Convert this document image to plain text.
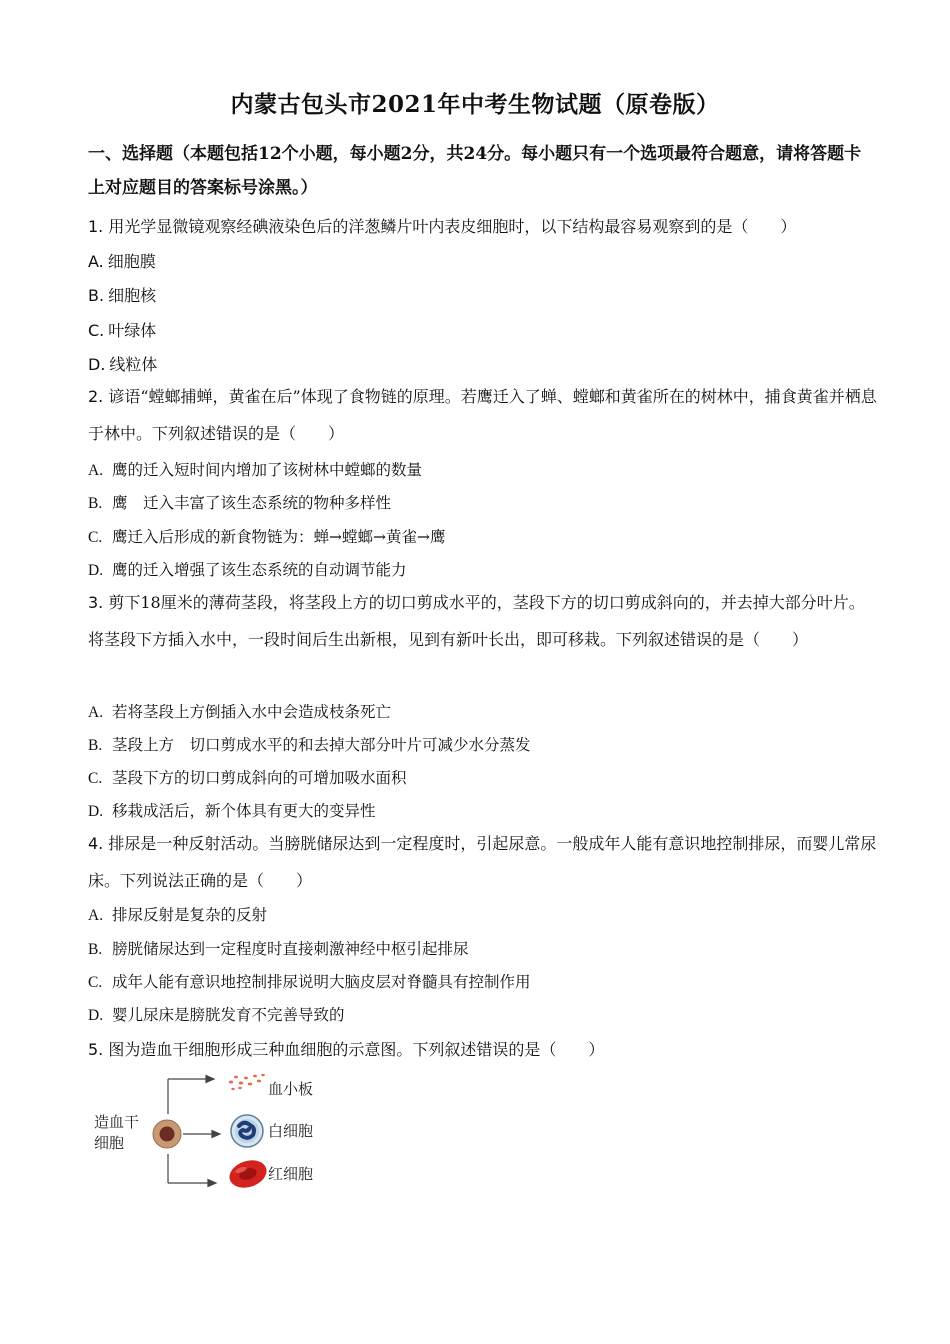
内蒙古包头市2021年中考生物试题（原卷版）
一、选择题（本题包括12个小题，每小题2分，共24分。每小题只有一个选项最符合题意，请将答题卡上对应题目的答案标号涂黑。）
1. 用光学显微镜观察经碘液染色后的洋葱鳞片叶内表皮细胞时，以下结构最容易观察到的是（　　）
A. 细胞膜
B. 细胞核
C. 叶绿体
D. 线粒体
2. 谚语“螳螂捕蝉，黄雀在后”体现了食物链的原理。若鹰迁入了蝉、螳螂和黄雀所在的树林中，捕食黄雀并栖息于林中。下列叙述错误的是（　　）
A. 鹰的迁入短时间内增加了该树林中螳螂的数量
B. 鹰　迁入丰富了该生态系统的物种多样性
C. 鹰迁入后形成的新食物链为：蝉→螳螂→黄雀→鹰
D. 鹰的迁入增强了该生态系统的自动调节能力
3. 剪下18厘米的薄荷茎段，将茎段上方的切口剪成水平的，茎段下方的切口剪成斜向的，并去掉大部分叶片。将茎段下方插入水中，一段时间后生出新根，见到有新叶长出，即可移栽。下列叙述错误的是（　　）
A. 若将茎段上方倒插入水中会造成枝条死亡
B. 茎段上方　切口剪成水平的和去掉大部分叶片可减少水分蒸发
C. 茎段下方的切口剪成斜向的可增加吸水面积
D. 移栽成活后，新个体具有更大的变异性
4. 排尿是一种反射活动。当膀胱储尿达到一定程度时，引起尿意。一般成年人能有意识地控制排尿，而婴儿常尿床。下列说法正确的是（　　）
A. 排尿反射是复杂的反射
B. 膀胱储尿达到一定程度时直接刺激神经中枢引起排尿
C. 成年人能有意识地控制排尿说明大脑皮层对脊髓具有控制作用
D. 婴儿尿床是膀胱发育不完善导致的
5. 图为造血干细胞形成三种血细胞的示意图。下列叙述错误的是（　　）
造血干
细胞
血小板
白细胞
红细胞
